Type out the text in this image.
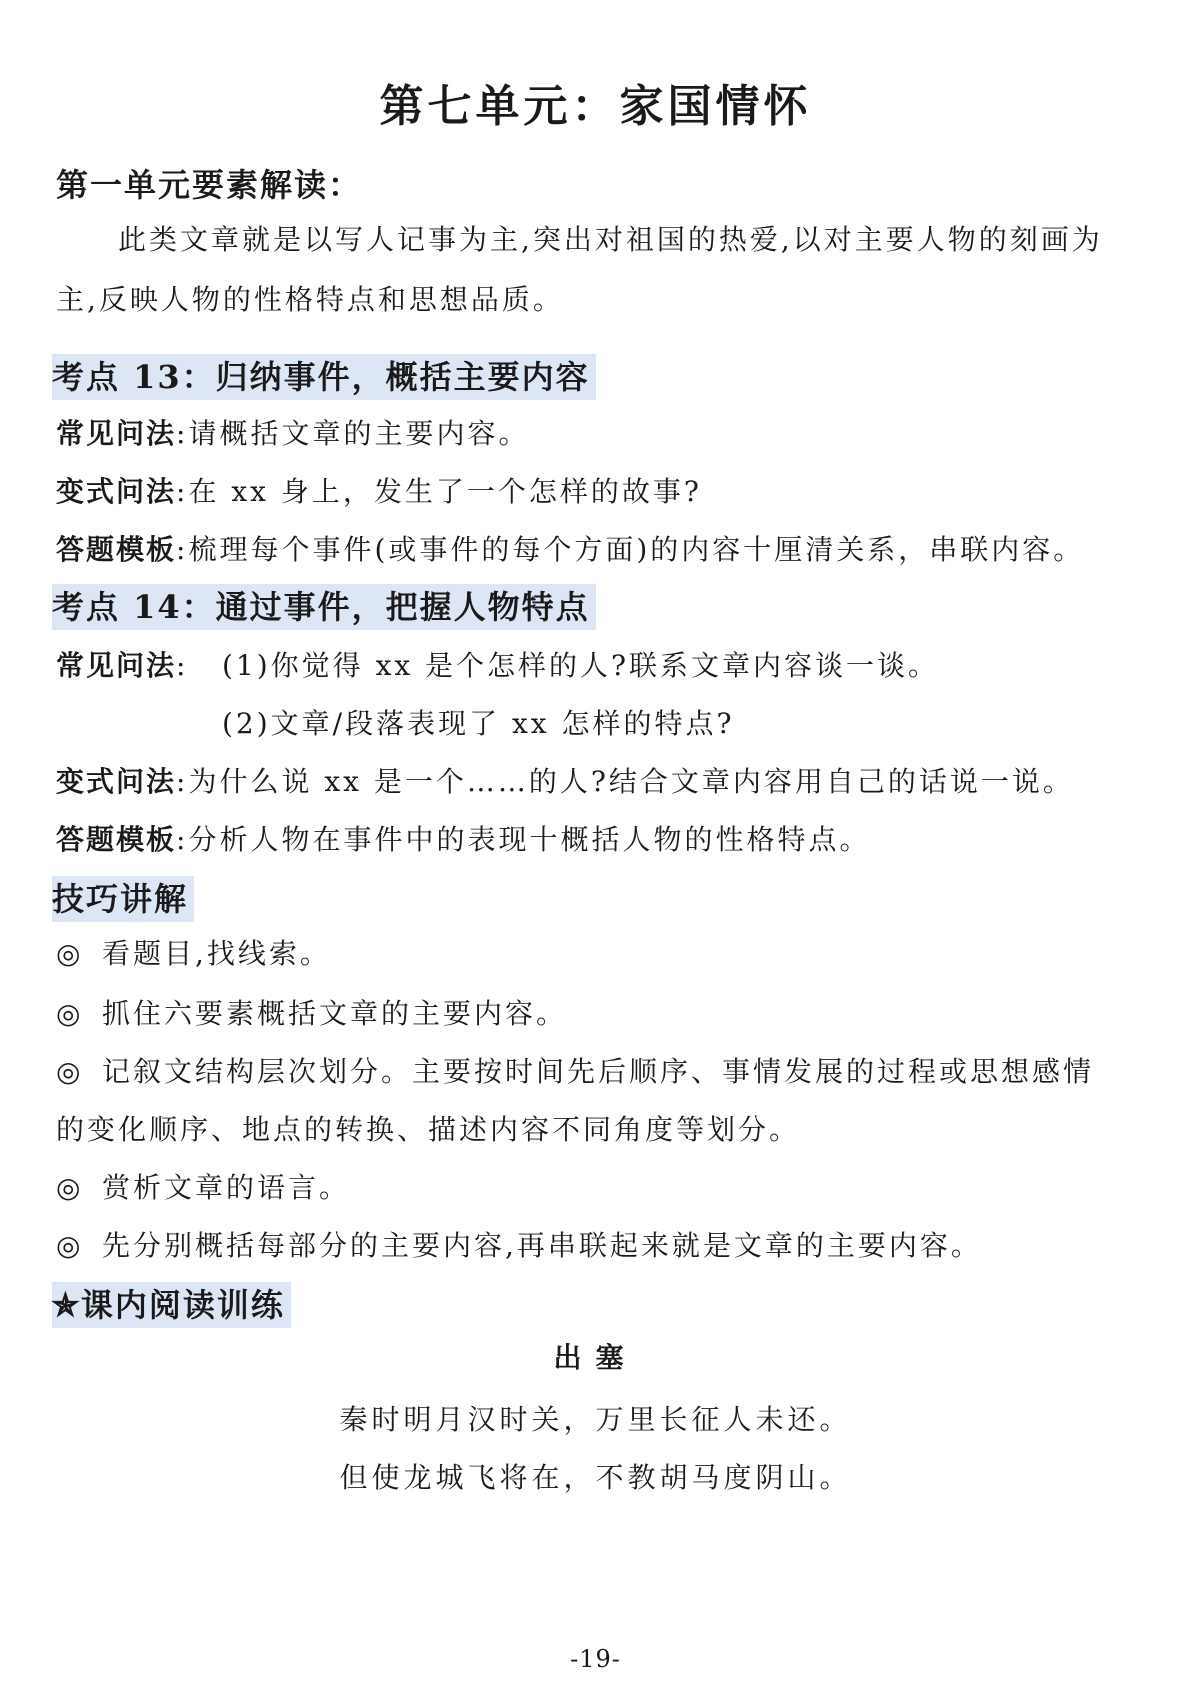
第七单元：家国情怀
第一单元要素解读：
此类文章就是以写人记事为主,突出对祖国的热爱,以对主要人物的刻画为
主,反映人物的性格特点和思想品质。
考点 13：归纳事件，概括主要内容
常见问法:请概括文章的主要内容。
变式问法:在 xx 身上，发生了一个怎样的故事?
答题模板:梳理每个事件(或事件的每个方面)的内容十厘清关系，串联内容。
考点 14：通过事件，把握人物特点
常见问法: (1)你觉得 xx 是个怎样的人?联系文章内容谈一谈。
(2)文章/段落表现了 xx 怎样的特点?
变式问法:为什么说 xx 是一个……的人?结合文章内容用自己的话说一说。
答题模板:分析人物在事件中的表现十概括人物的性格特点。
技巧讲解
◎ 看题目,找线索。
◎ 抓住六要素概括文章的主要内容。
◎ 记叙文结构层次划分。主要按时间先后顺序、事情发展的过程或思想感情
的变化顺序、地点的转换、描述内容不同角度等划分。
◎ 赏析文章的语言。
◎ 先分别概括每部分的主要内容,再串联起来就是文章的主要内容。
✯课内阅读训练
出塞
秦时明月汉时关，万里长征人未还。
但使龙城飞将在，不教胡马度阴山。
-19-
